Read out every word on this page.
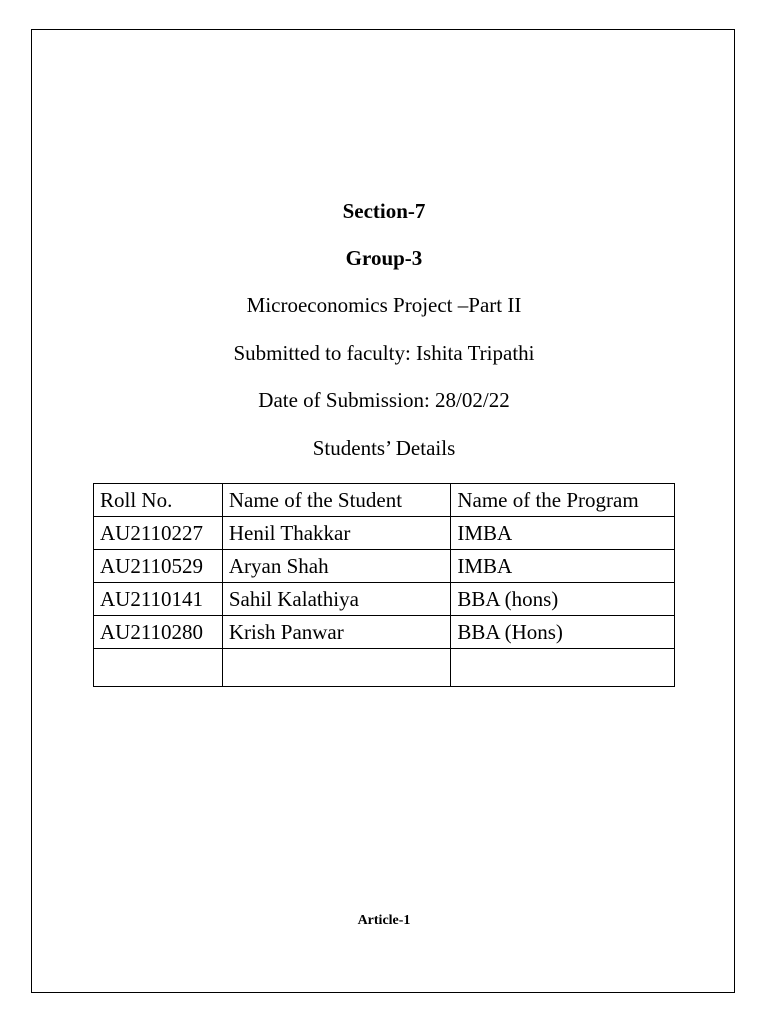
Section-7
Group-3
Microeconomics Project –Part II
Submitted to faculty: Ishita Tripathi
Date of Submission: 28/02/22
Students’ Details
Roll No.	Name of the Student	Name of the Program
AU2110227	Henil Thakkar	IMBA
AU2110529	Aryan Shah	IMBA
AU2110141	Sahil Kalathiya	BBA (hons)
AU2110280	Krish Panwar	BBA (Hons)

Article-1
